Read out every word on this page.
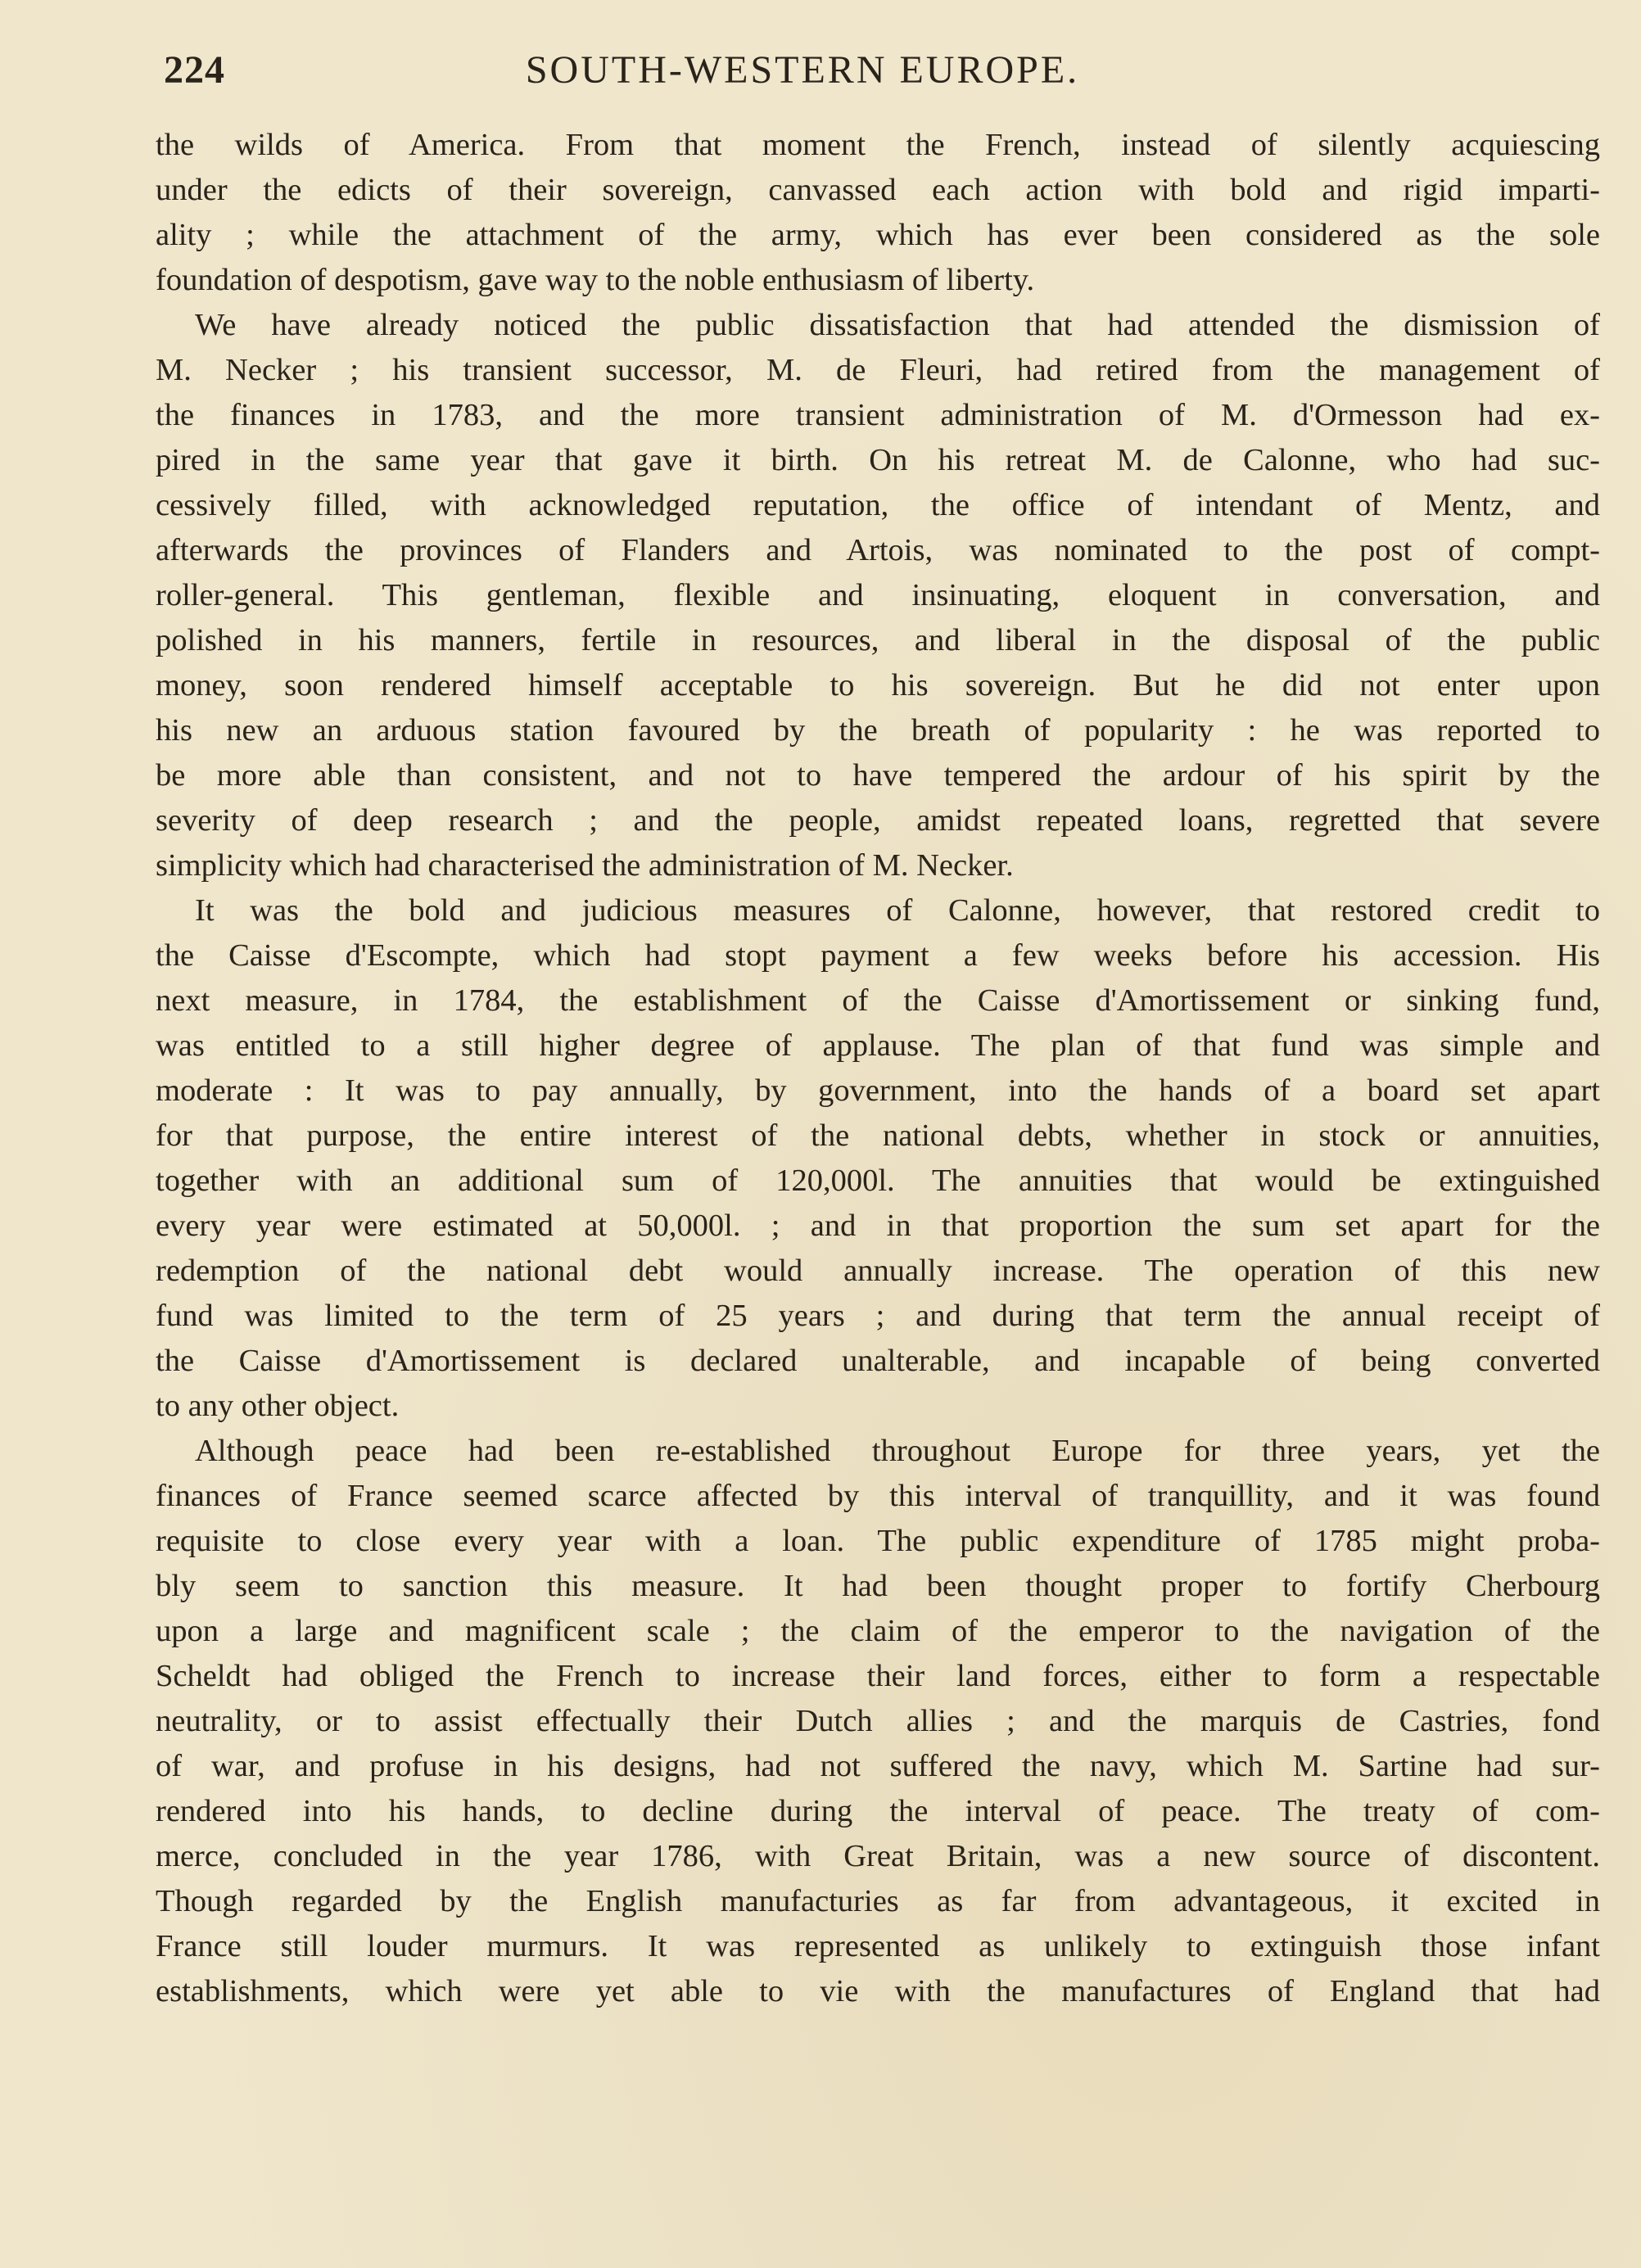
224	SOUTH-WESTERN EUROPE.
the wilds of America. From that moment the French, instead of silently acquiescing
under the edicts of their sovereign, canvassed each action with bold and rigid imparti-
ality ; while the attachment of the army, which has ever been considered as the sole
foundation of despotism, gave way to the noble enthusiasm of liberty.
We have already noticed the public dissatisfaction that had attended the dismission of
M. Necker ; his transient successor, M. de Fleuri, had retired from the management of
the finances in 1783, and the more transient administration of M. d'Ormesson had ex-
pired in the same year that gave it birth. On his retreat M. de Calonne, who had suc-
cessively filled, with acknowledged reputation, the office of intendant of Mentz, and
afterwards the provinces of Flanders and Artois, was nominated to the post of compt-
roller-general. This gentleman, flexible and insinuating, eloquent in conversation, and
polished in his manners, fertile in resources, and liberal in the disposal of the public
money, soon rendered himself acceptable to his sovereign. But he did not enter upon
his new an arduous station favoured by the breath of popularity : he was reported to
be more able than consistent, and not to have tempered the ardour of his spirit by the
severity of deep research ; and the people, amidst repeated loans, regretted that severe
simplicity which had characterised the administration of M. Necker.
It was the bold and judicious measures of Calonne, however, that restored credit to
the Caisse d'Escompte, which had stopt payment a few weeks before his accession. His
next measure, in 1784, the establishment of the Caisse d'Amortissement or sinking fund,
was entitled to a still higher degree of applause. The plan of that fund was simple and
moderate : It was to pay annually, by government, into the hands of a board set apart
for that purpose, the entire interest of the national debts, whether in stock or annuities,
together with an additional sum of 120,000l. The annuities that would be extinguished
every year were estimated at 50,000l. ; and in that proportion the sum set apart for the
redemption of the national debt would annually increase. The operation of this new
fund was limited to the term of 25 years ; and during that term the annual receipt of
the Caisse d'Amortissement is declared unalterable, and incapable of being converted
to any other object.
Although peace had been re-established throughout Europe for three years, yet the
finances of France seemed scarce affected by this interval of tranquillity, and it was found
requisite to close every year with a loan. The public expenditure of 1785 might proba-
bly seem to sanction this measure. It had been thought proper to fortify Cherbourg
upon a large and magnificent scale ; the claim of the emperor to the navigation of the
Scheldt had obliged the French to increase their land forces, either to form a respectable
neutrality, or to assist effectually their Dutch allies ; and the marquis de Castries, fond
of war, and profuse in his designs, had not suffered the navy, which M. Sartine had sur-
rendered into his hands, to decline during the interval of peace. The treaty of com-
merce, concluded in the year 1786, with Great Britain, was a new source of discontent.
Though regarded by the English manufacturies as far from advantageous, it excited in
France still louder murmurs. It was represented as unlikely to extinguish those infant
establishments, which were yet able to vie with the manufactures of England that had
